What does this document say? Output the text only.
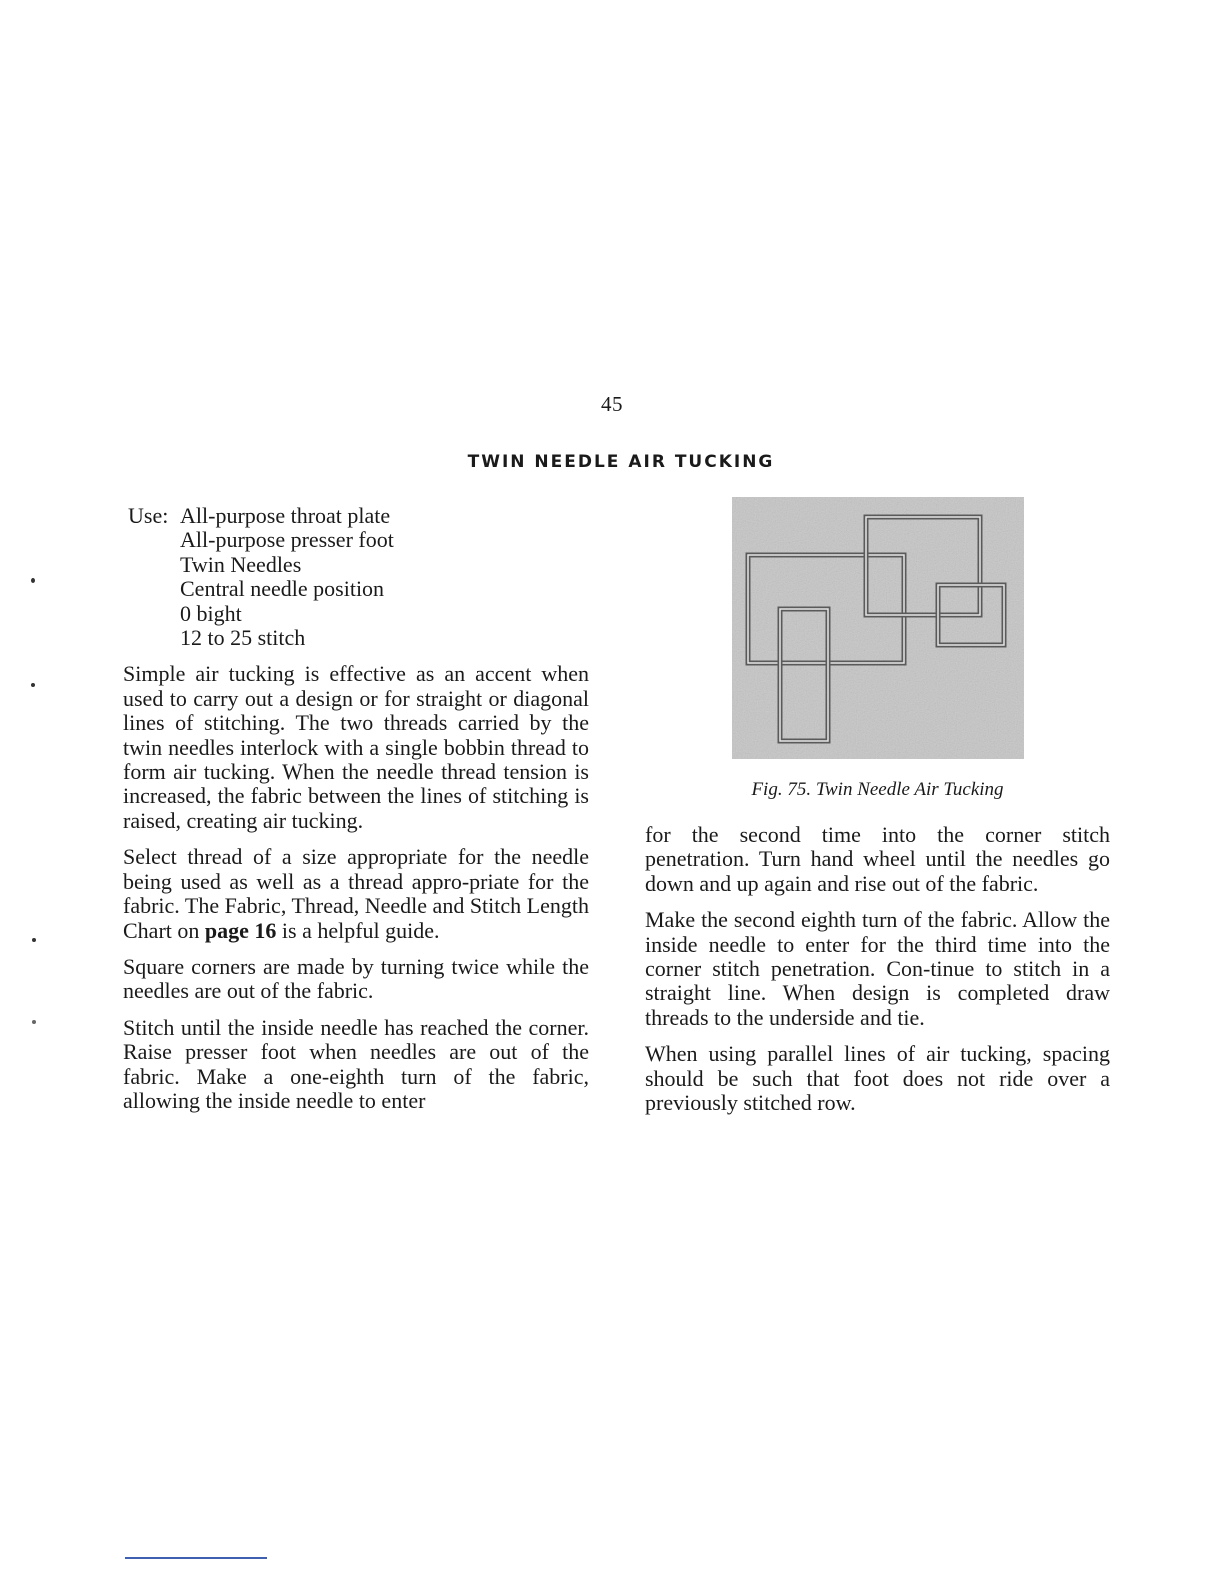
45
TWIN NEEDLE AIR TUCKING
Use: All-purpose throat plate
All-purpose presser foot
Twin Needles
Central needle position
0 bight
12 to 25 stitch

Simple air tucking is effective as an accent when used to carry out a design or for straight or diagonal lines of stitching. The two threads carried by the twin needles interlock with a single bobbin thread to form air tucking. When the needle thread tension is increased, the fabric between the lines of stitching is raised, creating air tucking.

Select thread of a size appropriate for the needle being used as well as a thread appro-priate for the fabric. The Fabric, Thread, Needle and Stitch Length Chart on page 16 is a helpful guide.

Square corners are made by turning twice while the needles are out of the fabric.

Stitch until the inside needle has reached the corner. Raise presser foot when needles are out of the fabric. Make a one-eighth turn of the fabric, allowing the inside needle to enter

Fig. 75. Twin Needle Air Tucking

for the second time into the corner stitch penetration. Turn hand wheel until the needles go down and up again and rise out of the fabric.

Make the second eighth turn of the fabric. Allow the inside needle to enter for the third time into the corner stitch penetration. Con-tinue to stitch in a straight line. When design is completed draw threads to the underside and tie.

When using parallel lines of air tucking, spacing should be such that foot does not ride over a previously stitched row.
